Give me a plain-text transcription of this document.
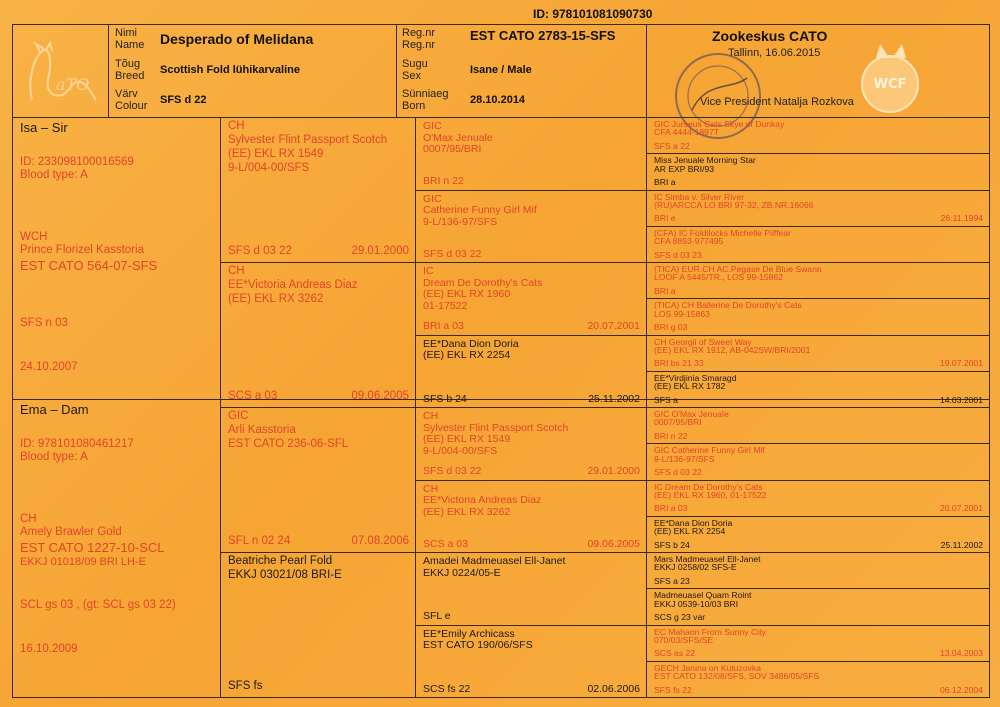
ID: 978101081090730
aTO
Nimi
Name Desperado of Melidana
Tõug
Breed Scottish Fold lühikarvaline
Värv
Colour SFS d 22
Reg.nr
Reg.nr
EST CATO 2783-15-SFS
Sugu
Sex	Isane / Male
Sünniaeg
Born	28.10.2014
Zookeskus CATO
Tallinn, 16.06.2015
Vice President Natalja Rozkova
WCF
Isa – Sir
ID: 233098100016569
Blood type: A
WCH
Prince Florizel Kasstoria
EST CATO 564-07-SFS
SFS n 03
24.10.2007
Ema – Dam
ID: 978101080461217
Blood type: A
CH
Amely Brawler Gold
EST CATO 1227-10-SCL
EKKJ 01018/09 BRI LH-E
SCL gs 03 , (gt: SCL gs 03 22)
16.10.2009
CH
Sylvester Flint Passport Scotch
(EE) EKL RX 1549
9-L/004-00/SFS
SFS d 03 22	29.01.2000
CH
EE*Victoria Andreas Diaz
(EE) EKL RX 3262
SCS a 03	09.06.2005
GIC
Arli Kasstoria
EST CATO 236-06-SFL
SFL n 02 24	07.08.2006
Beatriche Pearl Fold
EKKJ 03021/08 BRI-E
SFS fs
GIC
O'Max Jenuale
0007/95/BRI
BRI n 22
GIC
Catherine Funny Girl Mif
9-L/136-97/SFS
SFS d 03 22
IC
Dream De Dorothy's Cats
(EE) EKL RX 1960
01-17522
BRI a 03	20.07.2001
EE*Dana Dion Doria
(EE) EKL RX 2254
SFS b 24	25.11.2002
CH
Sylvester Flint Passport Scotch
(EE) EKL RX 1549
9-L/004-00/SFS
SFS d 03 22	29.01.2000
CH
EE*Victoria Andreas Diaz
(EE) EKL RX 3262
SCS a 03	09.06.2005
Amadei Madmeuasel Ell-Janet
EKKJ 0224/05-E
SFL e
EE*Emily Archicass
EST CATO 190/06/SFS
SCS fs 22	02.06.2006
GIC Jurseus Cats Skye of Dunkay
CFA 4444-1897T
SFS a 22
Miss Jenuale Morning Star
AR EXP BRI/93
BRI a
IC Simba v. Silver River
(RU)ARCCA LO BRI 97-32, ZB.NR.16066
BRI e	26.11.1994
(CFA) IC Foldilocks Michelle Piiffear
CFA 8893-977495
SFS d 03 23
(TICA) EUR.CH AC.Pegase De Blue Swann
LOOF A 5445/TR., LOS 99-15862
BRI a
(TICA) CH Ballerine De Dorothy's Cats
LOS 99-15863
BRI g 03
CH Georgii of Sweet Way
(EE) EKL RX 1912, AB-042SW/BRI/2001
BRI bs 21 33	19.07.2001
EE*Virdjinia Smaragd
(EE) EKL RX 1782
SFS a	14.03.2001
GIC O'Max Jenuale
0007/95/BRI
BRI n 22
GIC Catherine Funny Girl Mif
9-L/136-97/SFS
SFS d 03 22
IC Dream De Dorothy's Cats
(EE) EKL RX 1960, 01-17522
BRI a 03	20.07.2001
EE*Dana Dion Doria
(EE) EKL RX 2254
SFS b 24	25.11.2002
Mars Madmeuasel Ell-Janet
EKKJ 0258/02 SFS-E
SFS a 23
Madmeuasel Quam Roint
EKKJ 0539-10/03 BRI
SCS g 23 var
EC Mahaon From Sunny City
070/03/SFS/SE
SCS as 22	13.04.2003
GECH Janina on Kutuzovka
EST CATO 132/08/SFS, SOV 3486/05/SFS
SFS fs 22	06.12.2004
